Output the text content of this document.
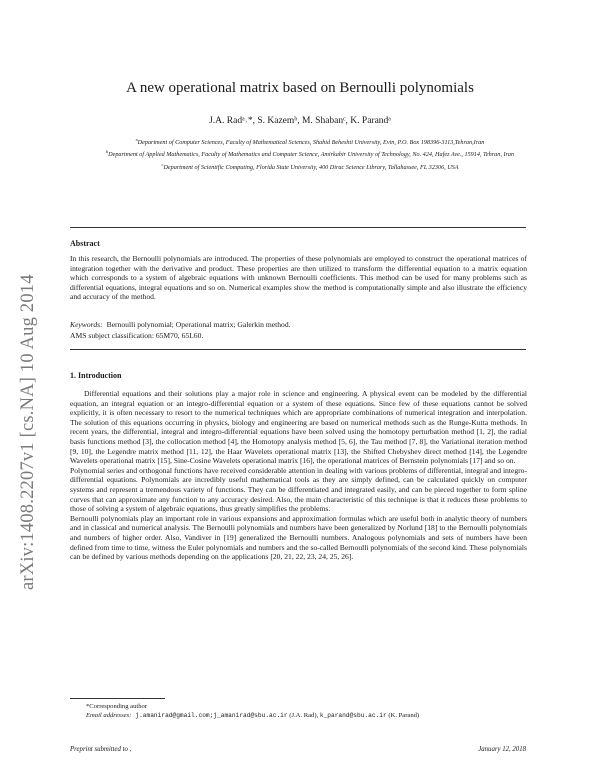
arXiv:1408.2207v1 [cs.NA] 10 Aug 2014
A new operational matrix based on Bernoulli polynomials
J.A. Radᵃ˒*, S. Kazemᵇ, M. Shabanᶜ, K. Parandᵃ
$^a$Department of Computer Sciences, Faculty of Mathematical Sciences, Shahid Beheshti University, Evin, P.O. Box 198396-3113,Tehran,Iran
$^b$Department of Applied Mathematics, Faculty of Mathematics and Computer Science, Amirkabir University of Technology, No. 424, Hafez Ave., 15914, Tehran, Iran
$^c$Department of Scientific Computing, Florida State University, 400 Dirac Science Library, Tallahassee, FL 32306, USA
Abstract
In this research, the Bernoulli polynomials are introduced. The properties of these polynomials are employed to construct the operational matrices of integration together with the derivative and product. These properties are then utilized to transform the differential equation to a matrix equation which corresponds to a system of algebraic equations with unknown Bernoulli coefficients. This method can be used for many problems such as differential equations, integral equations and so on. Numerical examples show the method is computationally simple and also illustrate the efficiency and accuracy of the method.
Keywords: Bernoulli polynomial; Operational matrix; Galerkin method.
AMS subject classification: 65M70, 65L60.
1. Introduction

Differential equations and their solutions play a major role in science and engineering. A physical event can be modeled by the differential equation, an integral equation or an integro-differential equation or a system of these equations. Since few of these equations cannot be solved explicitly, it is often necessary to resort to the numerical techniques which are appropriate combinations of numerical integration and interpolation. The solution of this equations occurring in physics, biology and engineering are based on numerical methods such as the Runge-Kutta methods. In recent years, the differential, integral and integro-differential equations have been solved using the homotopy perturbation method [1, 2], the radial basis functions method [3], the collocation method [4], the Homotopy analysis method [5, 6], the Tau method [7, 8], the Variational iteration method [9, 10], the Legendre matrix method [11, 12], the Haar Wavelets operational matrix [13], the Shifted Chebyshev direct method [14], the Legendre Wavelets operational matrix [15], Sine-Cosine Wavelets operational matrix [16], the operational matrices of Bernstein polynomials [17] and so on.

Polynomial series and orthogonal functions have received considerable attention in dealing with various problems of differential, integral and integro-differential equations. Polynomials are incredibly useful mathematical tools as they are simply defined, can be calculated quickly on computer systems and represent a tremendous variety of functions. They can be differentiated and integrated easily, and can be pieced together to form spline curves that can approximate any function to any accuracy desired. Also, the main characteristic of this technique is that it reduces these problems to those of solving a system of algebraic equations, thus greatly simplifies the problems.

Bernoulli polynomials play an important role in various expansions and approximation formulas which are useful both in analytic theory of numbers and in classical and numerical analysis. The Bernoulli polynomials and numbers have been generalized by Norlund [18] to the Bernoulli polynomials and numbers of higher order. Also, Vandiver in [19] generalized the Bernoulli numbers. Analogous polynomials and sets of numbers have been defined from time to time, witness the Euler polynomials and numbers and the so-called Bernoulli polynomials of the second kind. These polynomials can be defined by various methods depending on the applications [20, 21, 22, 23, 24, 25, 26].

*Corresponding author
Email addresses: j.amanirad@gmail.com;j_amanirad@sbu.ac.ir (J.A. Rad), k_parand@sbu.ac.ir (K. Parand)
Preprint submitted to ,	January 12, 2018
